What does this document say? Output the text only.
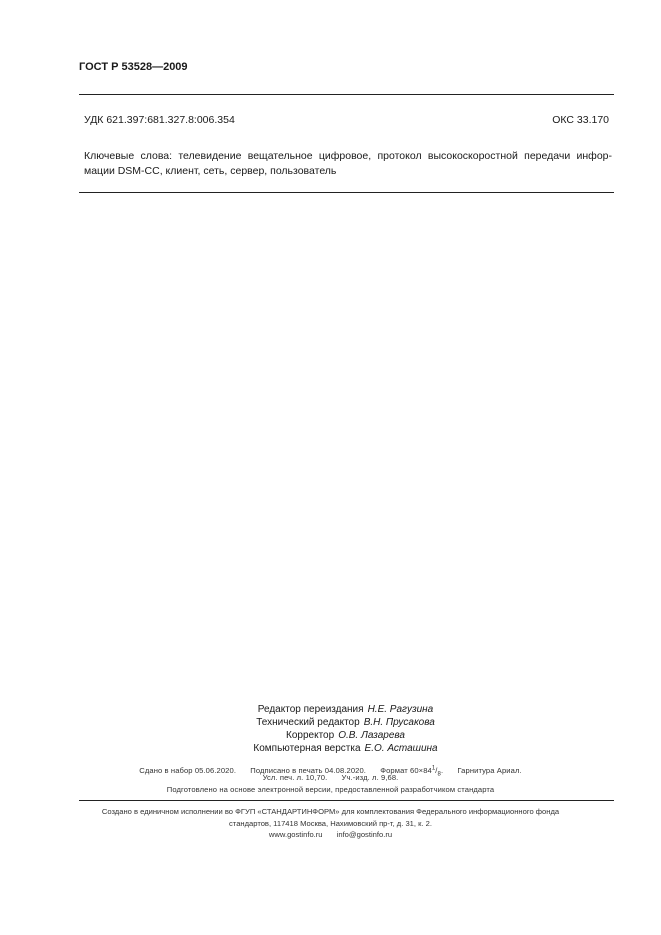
ГОСТ Р 53528—2009
УДК 621.397:681.327.8:006.354	ОКС 33.170
Ключевые слова: телевидение вещательное цифровое, протокол высокоскоростной передачи инфор-
мации DSM-CC, клиент, сеть, сервер, пользователь
Редактор переиздания Н.Е. Рагузина
Технический редактор В.Н. Прусакова
Корректор О.В. Лазарева
Компьютерная верстка Е.О. Асташина
Сдано в набор 05.06.2020. Подписано в печать 04.08.2020. Формат $60\times 84^1/_8$. Гарнитура Ариал.
Усл. печ. л. 10,70. Уч.-изд. л. 9,68.
Подготовлено на основе электронной версии, предоставленной разработчиком стандарта
Создано в единичном исполнении во ФГУП «СТАНДАРТИНФОРМ» для комплектования Федерального информационного фонда
стандартов, 117418 Москва, Нахимовский пр-т, д. 31, к. 2.
www.gostinfo.ru info@gostinfo.ru
